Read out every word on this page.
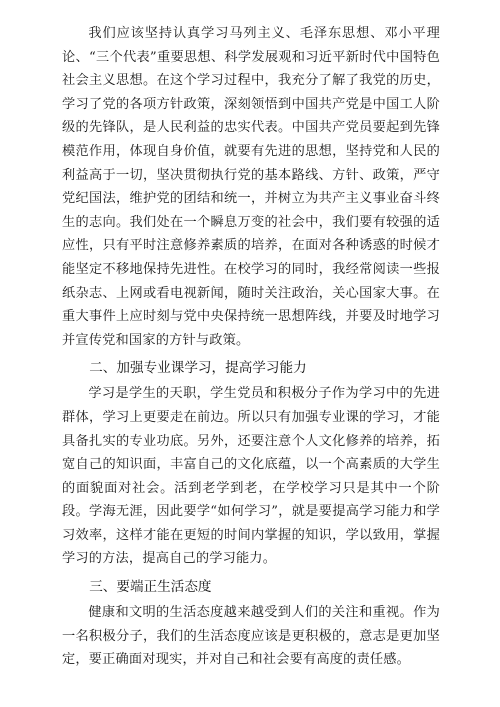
我们应该坚持认真学习马列主义、毛泽东思想、邓小平理论、“三个代表”重要思想、科学发展观和习近平新时代中国特色社会主义思想。在这个学习过程中，我充分了解了我党的历史，学习了党的各项方针政策，深刻领悟到中国共产党是中国工人阶级的先锋队，是人民利益的忠实代表。中国共产党员要起到先锋模范作用，体现自身价值，就要有先进的思想，坚持党和人民的利益高于一切，坚决贯彻执行党的基本路线、方针、政策，严守党纪国法，维护党的团结和统一，并树立为共产主义事业奋斗终生的志向。我们处在一个瞬息万变的社会中，我们要有较强的适应性，只有平时注意修养素质的培养，在面对各种诱惑的时候才能坚定不移地保持先进性。在校学习的同时，我经常阅读一些报纸杂志、上网或看电视新闻，随时关注政治，关心国家大事。在重大事件上应时刻与党中央保持统一思想阵线，并要及时地学习并宣传党和国家的方针与政策。

二、加强专业课学习，提高学习能力

学习是学生的天职，学生党员和积极分子作为学习中的先进群体，学习上更要走在前边。所以只有加强专业课的学习，才能具备扎实的专业功底。另外，还要注意个人文化修养的培养，拓宽自己的知识面，丰富自己的文化底蕴，以一个高素质的大学生的面貌面对社会。活到老学到老，在学校学习只是其中一个阶段。学海无涯，因此要学“如何学习”，就是要提高学习能力和学习效率，这样才能在更短的时间内掌握的知识，学以致用，掌握学习的方法，提高自己的学习能力。

三、要端正生活态度

健康和文明的生活态度越来越受到人们的关注和重视。作为一名积极分子，我们的生活态度应该是更积极的，意志是更加坚定，要正确面对现实，并对自己和社会要有高度的责任感。
